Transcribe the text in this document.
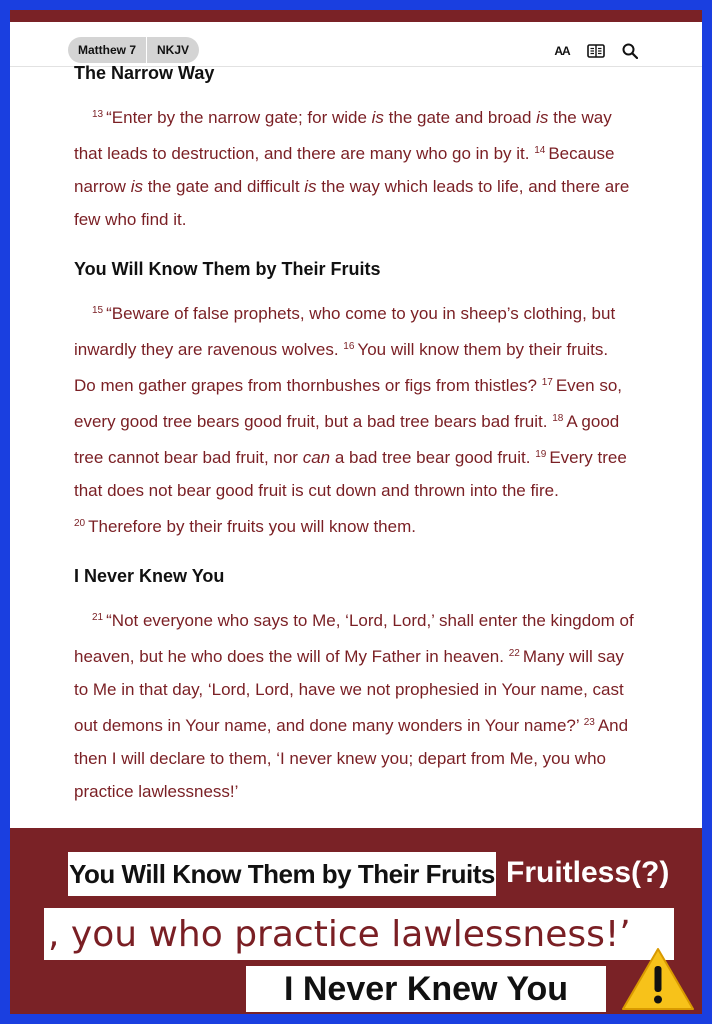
Matthew 7	NKJV	AA
The Narrow Way

$^{13}$ “Enter by the narrow gate; for wide is the gate and broad is the way that leads to destruction, and there are many who go in by it. $^{14}$ Because narrow is the gate and difficult is the way which leads to life, and there are few who find it.

You Will Know Them by Their Fruits

$^{15}$ “Beware of false prophets, who come to you in sheep’s clothing, but inwardly they are ravenous wolves. $^{16}$ You will know them by their fruits. Do men gather grapes from thornbushes or figs from thistles? $^{17}$ Even so, every good tree bears good fruit, but a bad tree bears bad fruit. $^{18}$ A good tree cannot bear bad fruit, nor can a bad tree bear good fruit. $^{19}$ Every tree that does not bear good fruit is cut down and thrown into the fire. $^{20}$ Therefore by their fruits you will know them.

I Never Knew You

$^{21}$ “Not everyone who says to Me, ‘Lord, Lord,’ shall enter the kingdom of heaven, but he who does the will of My Father in heaven. $^{22}$ Many will say to Me in that day, ‘Lord, Lord, have we not prophesied in Your name, cast out demons in Your name, and done many wonders in Your name?’ $^{23}$ And then I will declare to them, ‘I never knew you; depart from Me, you who practice lawlessness!’

You Will Know Them by Their Fruits Fruitless(?)
, you who practice lawlessness!’
I Never Knew You
